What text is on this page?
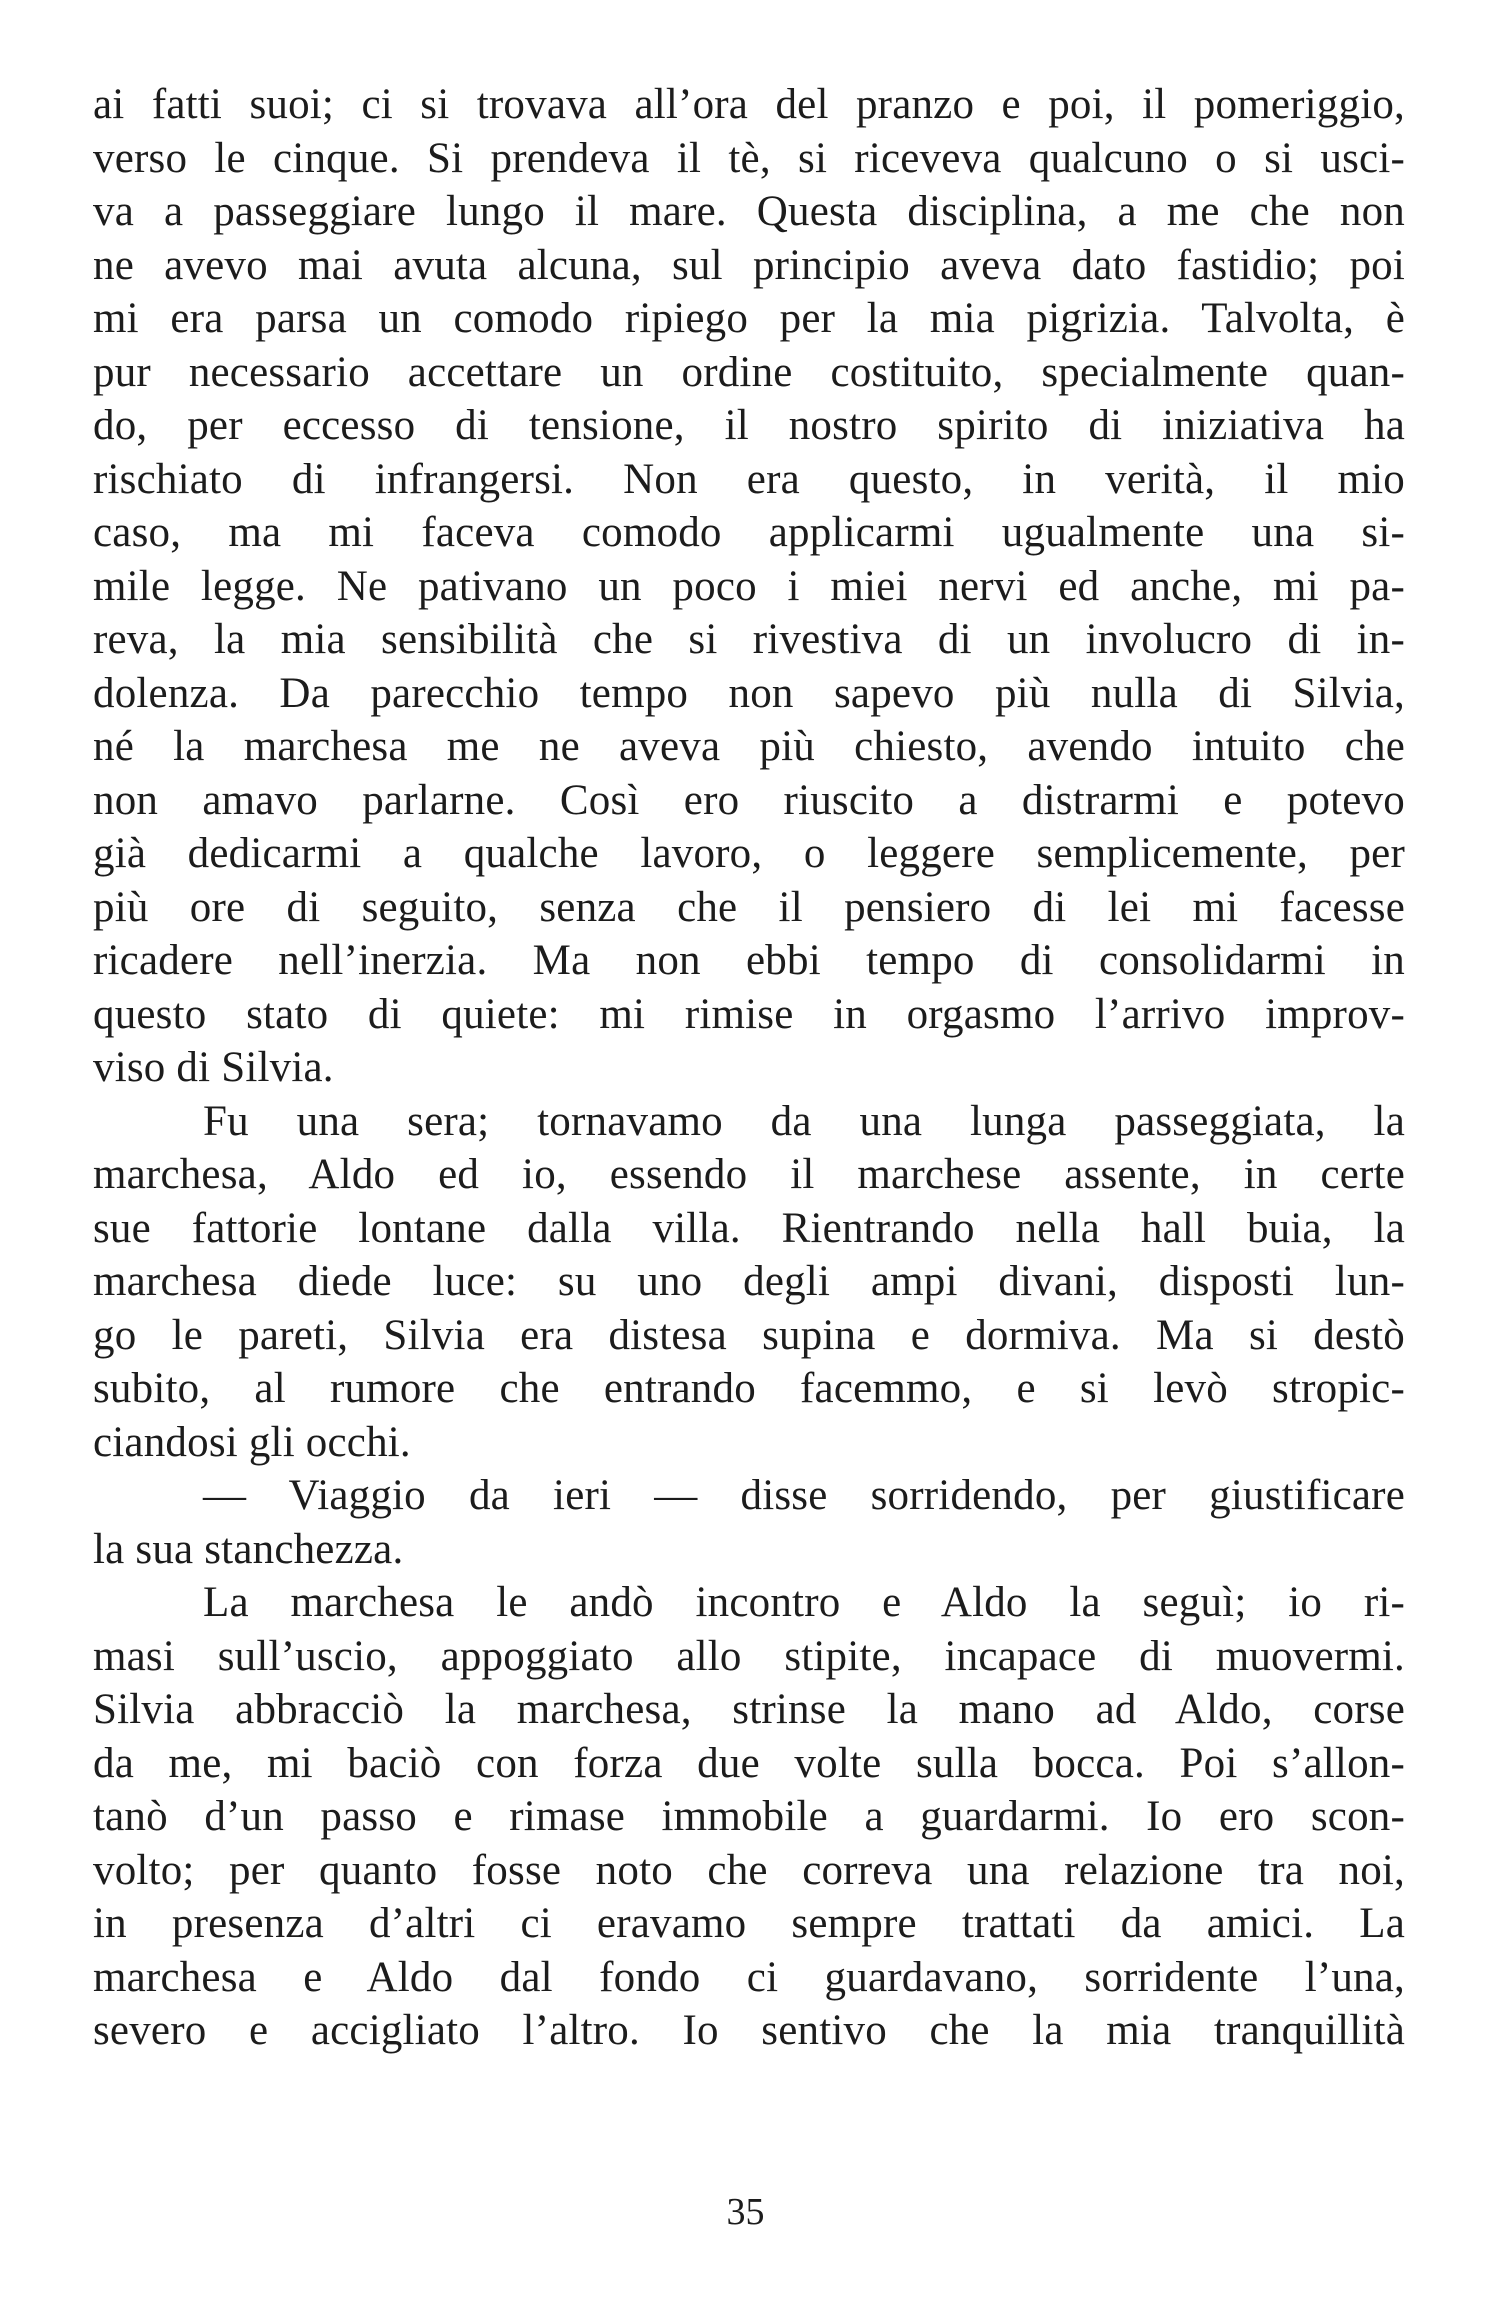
ai fatti suoi; ci si trovava all’ora del pranzo e poi, il pomeriggio,
verso le cinque. Si prendeva il tè, si riceveva qualcuno o si usci-
va a passeggiare lungo il mare. Questa disciplina, a me che non
ne avevo mai avuta alcuna, sul principio aveva dato fastidio; poi
mi era parsa un comodo ripiego per la mia pigrizia. Talvolta, è
pur necessario accettare un ordine costituito, specialmente quan-
do, per eccesso di tensione, il nostro spirito di iniziativa ha
rischiato di infrangersi. Non era questo, in verità, il mio
caso, ma mi faceva comodo applicarmi ugualmente una si-
mile legge. Ne pativano un poco i miei nervi ed anche, mi pa-
reva, la mia sensibilità che si rivestiva di un involucro di in-
dolenza. Da parecchio tempo non sapevo più nulla di Silvia,
né la marchesa me ne aveva più chiesto, avendo intuito che
non amavo parlarne. Così ero riuscito a distrarmi e potevo
già dedicarmi a qualche lavoro, o leggere semplicemente, per
più ore di seguito, senza che il pensiero di lei mi facesse
ricadere nell’inerzia. Ma non ebbi tempo di consolidarmi in
questo stato di quiete: mi rimise in orgasmo l’arrivo improv-
viso di Silvia.
Fu una sera; tornavamo da una lunga passeggiata, la
marchesa, Aldo ed io, essendo il marchese assente, in certe
sue fattorie lontane dalla villa. Rientrando nella hall buia, la
marchesa diede luce: su uno degli ampi divani, disposti lun-
go le pareti, Silvia era distesa supina e dormiva. Ma si destò
subito, al rumore che entrando facemmo, e si levò stropic-
ciandosi gli occhi.
— Viaggio da ieri — disse sorridendo, per giustificare
la sua stanchezza.
La marchesa le andò incontro e Aldo la seguì; io ri-
masi sull’uscio, appoggiato allo stipite, incapace di muovermi.
Silvia abbracciò la marchesa, strinse la mano ad Aldo, corse
da me, mi baciò con forza due volte sulla bocca. Poi s’allon-
tanò d’un passo e rimase immobile a guardarmi. Io ero scon-
volto; per quanto fosse noto che correva una relazione tra noi,
in presenza d’altri ci eravamo sempre trattati da amici. La
marchesa e Aldo dal fondo ci guardavano, sorridente l’una,
severo e accigliato l’altro. Io sentivo che la mia tranquillità
35
